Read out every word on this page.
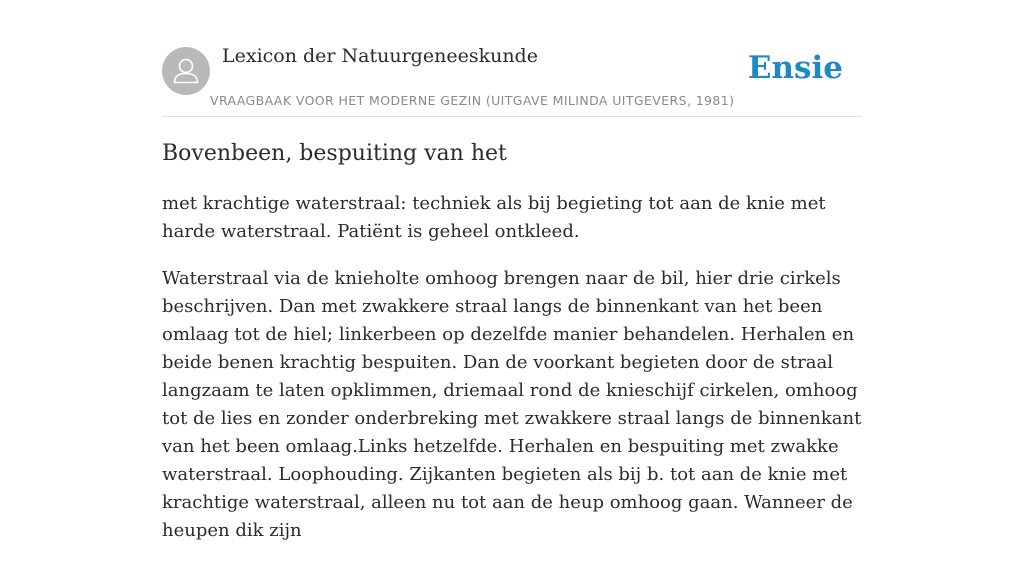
Lexicon der Natuurgeneeskunde
VRAAGBAAK VOOR HET MODERNE GEZIN (UITGAVE MILINDA UITGEVERS, 1981)
Ensie
Bovenbeen, bespuiting van het

met krachtige waterstraal: techniek als bij begieting tot aan de knie met harde waterstraal. Patiënt is geheel ontkleed.

Waterstraal via de knieholte omhoog brengen naar de bil, hier drie cirkels beschrijven. Dan met zwakkere straal langs de binnenkant van het been omlaag tot de hiel; linkerbeen op dezelfde manier behandelen. Herhalen en beide benen krachtig bespuiten. Dan de voorkant begieten door de straal langzaam te laten opklimmen, driemaal rond de knieschijf cirkelen, omhoog tot de lies en zonder onderbreking met zwakkere straal langs de binnenkant van het been omlaag.Links hetzelfde. Herhalen en bespuiting met zwakke waterstraal. Loophouding. Zijkanten begieten als bij b. tot aan de knie met krachtige waterstraal, alleen nu tot aan de heup omhoog gaan. Wanneer de heupen dik zijn
